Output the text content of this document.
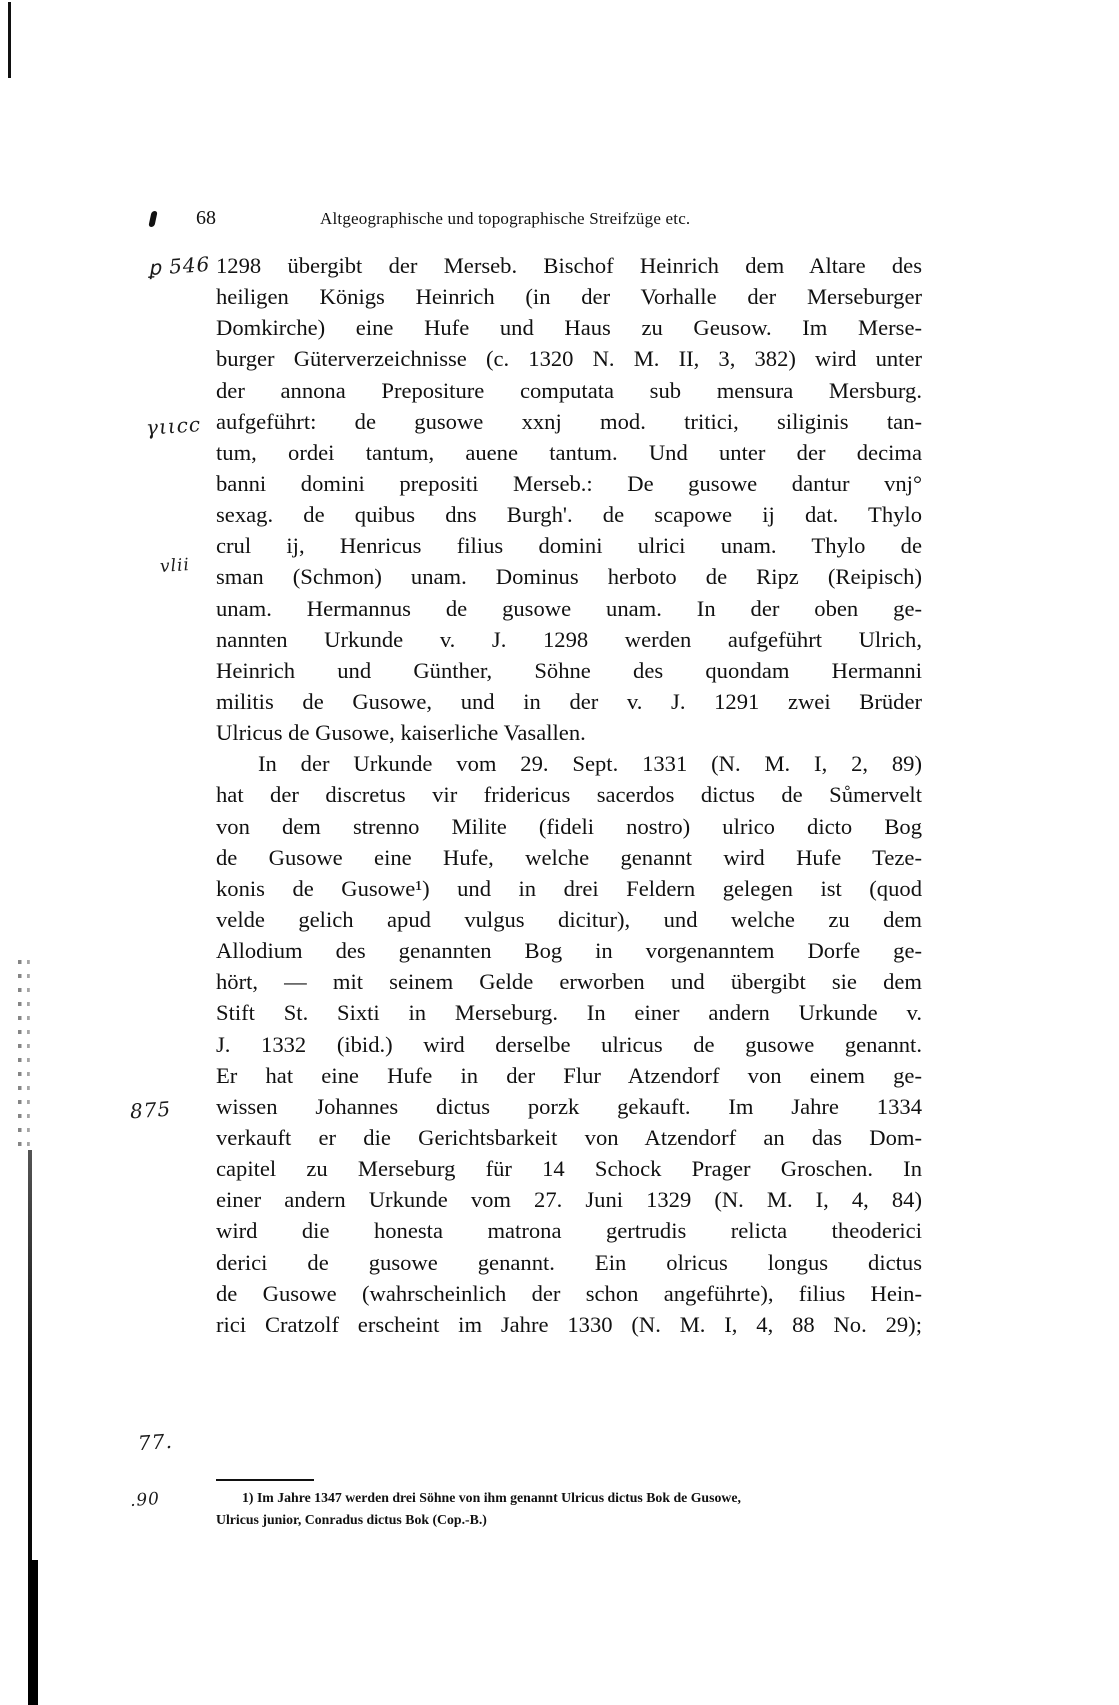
68	Altgeographische und topographische Streifzüge etc.
1298 übergibt der Merseb. Bischof Heinrich dem Altare des
heiligen Königs Heinrich (in der Vorhalle der Merseburger
Domkirche) eine Hufe und Haus zu Geusow. Im Merse-
burger Güterverzeichnisse (c. 1320 N. M. II, 3, 382) wird unter
der annona Prepositure computata sub mensura Mersburg.
aufgeführt: de gusowe xxnj mod. tritici, siliginis tan-
tum, ordei tantum, auene tantum. Und unter der decima
banni domini prepositi Merseb.: De gusowe dantur vnj°
sexag. de quibus dns Burgh'. de scapowe ij dat. Thylo
crul ij, Henricus filius domini ulrici unam. Thylo de
sman (Schmon) unam. Dominus herboto de Ripz (Reipisch)
unam. Hermannus de gusowe unam. In der oben ge-
nannten Urkunde v. J. 1298 werden aufgeführt Ulrich,
Heinrich und Günther, Söhne des quondam Hermanni
militis de Gusowe, und in der v. J. 1291 zwei Brüder
Ulricus de Gusowe, kaiserliche Vasallen.
In der Urkunde vom 29. Sept. 1331 (N. M. I, 2, 89)
hat der discretus vir fridericus sacerdos dictus de Sůmervelt
von dem strenno Milite (fideli nostro) ulrico dicto Bog
de Gusowe eine Hufe, welche genannt wird Hufe Teze-
konis de Gusowe¹) und in drei Feldern gelegen ist (quod
velde gelich apud vulgus dicitur), und welche zu dem
Allodium des genannten Bog in vorgenanntem Dorfe ge-
hört, — mit seinem Gelde erworben und übergibt sie dem
Stift St. Sixti in Merseburg. In einer andern Urkunde v.
J. 1332 (ibid.) wird derselbe ulricus de gusowe genannt.
Er hat eine Hufe in der Flur Atzendorf von einem ge-
wissen Johannes dictus porzk gekauft. Im Jahre 1334
verkauft er die Gerichtsbarkeit von Atzendorf an das Dom-
capitel zu Merseburg für 14 Schock Prager Groschen. In
einer andern Urkunde vom 27. Juni 1329 (N. M. I, 4, 84)
wird die honesta matrona gertrudis relicta theoderici
derici de gusowe genannt. Ein olricus longus dictus
de Gusowe (wahrscheinlich der schon angeführte), filius Hein-
rici Cratzolf erscheint im Jahre 1330 (N. M. I, 4, 88 No. 29);
1) Im Jahre 1347 werden drei Söhne von ihm genannt Ulricus dictus Bok de Gusowe,
Ulricus junior, Conradus dictus Bok (Cop.-B.)
ꝑ 546
γιιϲϲ
vlii
875
77.
.90
